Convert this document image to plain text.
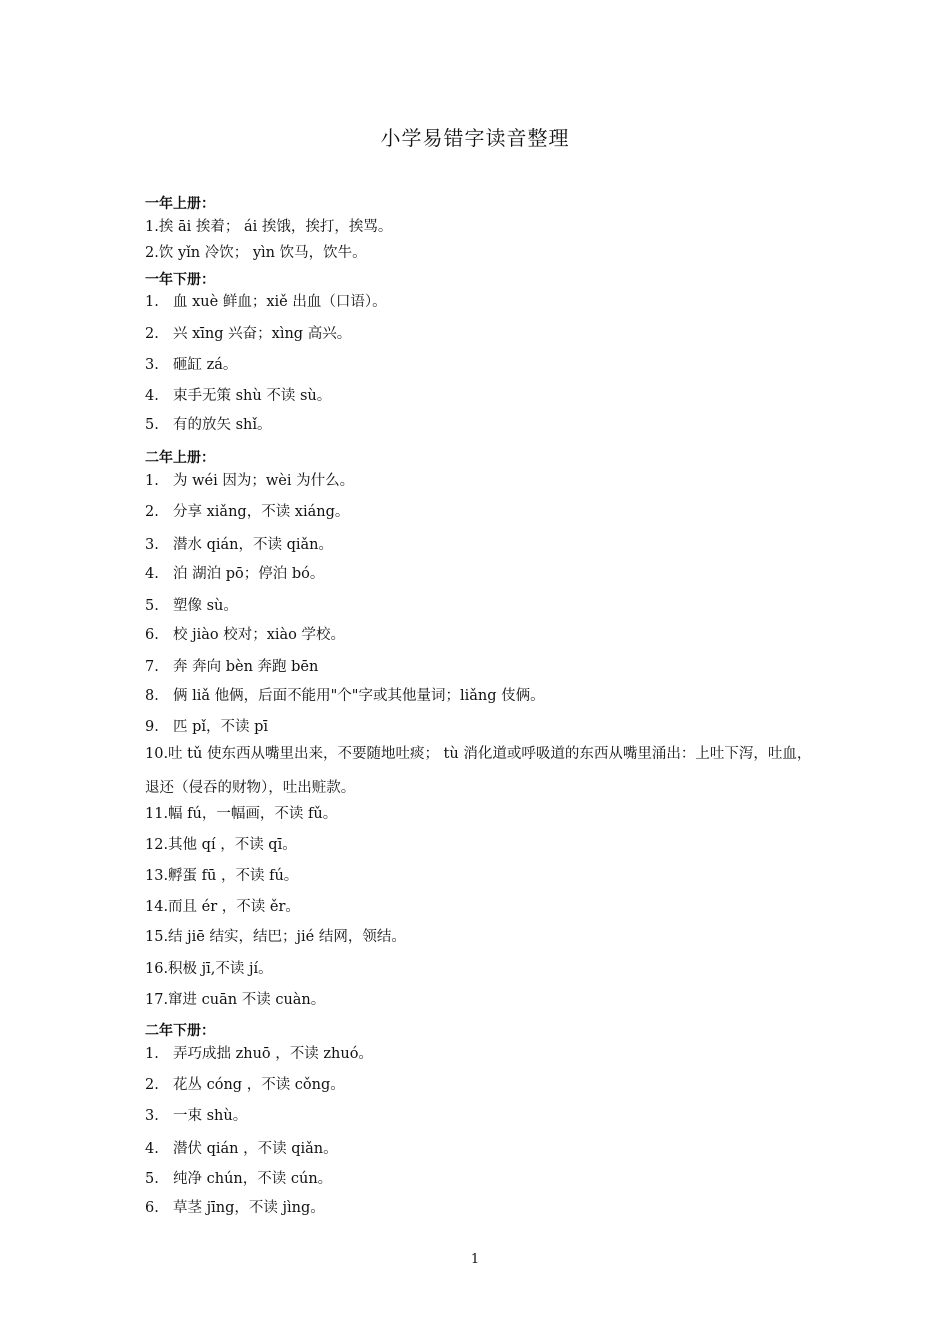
小学易错字读音整理
一年上册：
1.挨 āi 挨着； ái 挨饿，挨打，挨骂。
2.饮 yǐn 冷饮； yìn 饮马，饮牛。
一年下册：
1. 血 xuè 鲜血；xiě 出血（口语）。
2. 兴 xīng 兴奋；xìng 高兴。
3. 砸缸 zá。
4. 束手无策 shù 不读 sù。
5. 有的放矢 shǐ。
二年上册：
1. 为 wéi 因为；wèi 为什么。
2. 分享 xiǎng，不读 xiáng。
3. 潜水 qián，不读 qiǎn。
4. 泊 湖泊 pō；停泊 bó。
5. 塑像 sù。
6. 校 jiào 校对；xiào 学校。
7. 奔 奔向 bèn 奔跑 bēn
8. 俩 liǎ 他俩，后面不能用"个"字或其他量词；liǎng 伎俩。
9. 匹 pǐ，不读 pī
10.吐 tǔ 使东西从嘴里出来，不要随地吐痰； tù 消化道或呼吸道的东西从嘴里涌出：上吐下泻，吐血，退还（侵吞的财物），吐出赃款。
11.幅 fú，一幅画，不读 fǔ。
12.其他 qí ，不读 qī。
13.孵蛋 fū ，不读 fú。
14.而且 ér ，不读 ěr。
15.结 jiē 结实，结巴；jié 结网，领结。
16.积极 jī,不读 jí。
17.窜进 cuān 不读 cuàn。
二年下册：
1. 弄巧成拙 zhuō ，不读 zhuó。
2. 花丛 cóng ，不读 cǒng。
3. 一束 shù。
4. 潜伏 qián ，不读 qiǎn。
5. 纯净 chún，不读 cún。
6. 草茎 jīng，不读 jìng。
1
